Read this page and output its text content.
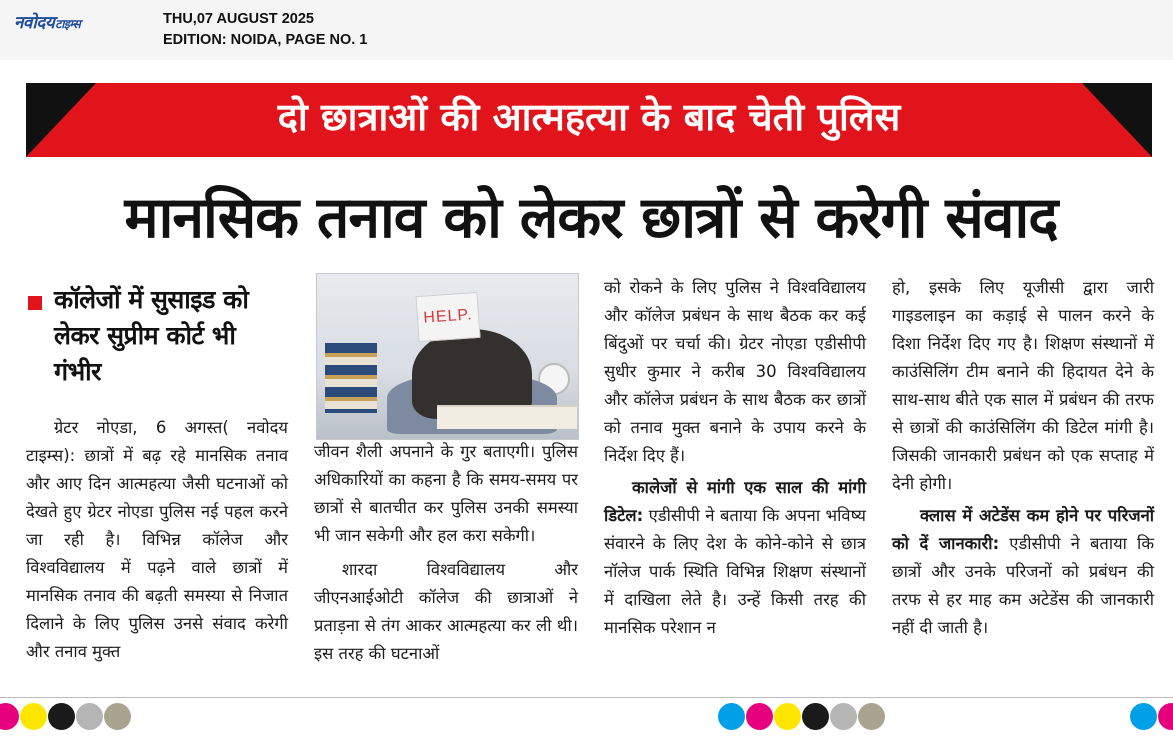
नवोदयटाइम्स	THU,07 AUGUST 2025
EDITION: NOIDA, PAGE NO. 1
दो छात्राओं की आत्महत्या के बाद चेती पुलिस
मानसिक तनाव को लेकर छात्रों से करेगी संवाद
कॉलेजों में सुसाइड को लेकर सुप्रीम कोर्ट भी गंभीर

ग्रेटर नोएडा, 6 अगस्त( नवोदय टाइम्स): छात्रों में बढ़ रहे मानसिक तनाव और आए दिन आत्महत्या जैसी घटनाओं को देखते हुए ग्रेटर नोएडा पुलिस नई पहल करने जा रही है। विभिन्न कॉलेज और विश्वविद्यालय में पढ़ने वाले छात्रों में मानसिक तनाव की बढ़ती समस्या से निजात दिलाने के लिए पुलिस उनसे संवाद करेगी और तनाव मुक्त

HELP.

जीवन शैली अपनाने के गुर बताएगी। पुलिस अधिकारियों का कहना है कि समय-समय पर छात्रों से बातचीत कर पुलिस उनकी समस्या भी जान सकेगी और हल करा सकेगी।

शारदा विश्वविद्यालय और जीएनआईओटी कॉलेज की छात्राओं ने प्रताड़ना से तंग आकर आत्महत्या कर ली थी। इस तरह की घटनाओं

को रोकने के लिए पुलिस ने विश्वविद्यालय और कॉलेज प्रबंधन के साथ बैठक कर कई बिंदुओं पर चर्चा की। ग्रेटर नोएडा एडीसीपी सुधीर कुमार ने करीब 30 विश्वविद्यालय और कॉलेज प्रबंधन के साथ बैठक कर छात्रों को तनाव मुक्त बनाने के उपाय करने के निर्देश दिए हैं।

कालेजों से मांगी एक साल की मांगी डिटेल: एडीसीपी ने बताया कि अपना भविष्य संवारने के लिए देश के कोने-कोने से छात्र नॉलेज पार्क स्थिति विभिन्न शिक्षण संस्थानों में दाखिला लेते है। उन्हें किसी तरह की मानसिक परेशान न

हो, इसके लिए यूजीसी द्वारा जारी गाइडलाइन का कड़ाई से पालन करने के दिशा निर्देश दिए गए है। शिक्षण संस्थानों में काउंसिलिंग टीम बनाने की हिदायत देने के साथ-साथ बीते एक साल में प्रबंधन की तरफ से छात्रों की काउंसिलिंग की डिटेल मांगी है। जिसकी जानकारी प्रबंधन को एक सप्ताह में देनी होगी।

क्लास में अटेडेंस कम होने पर परिजनों को दें जानकारी: एडीसीपी ने बताया कि छात्रों और उनके परिजनों को प्रबंधन की तरफ से हर माह कम अटेडेंस की जानकारी नहीं दी जाती है।
